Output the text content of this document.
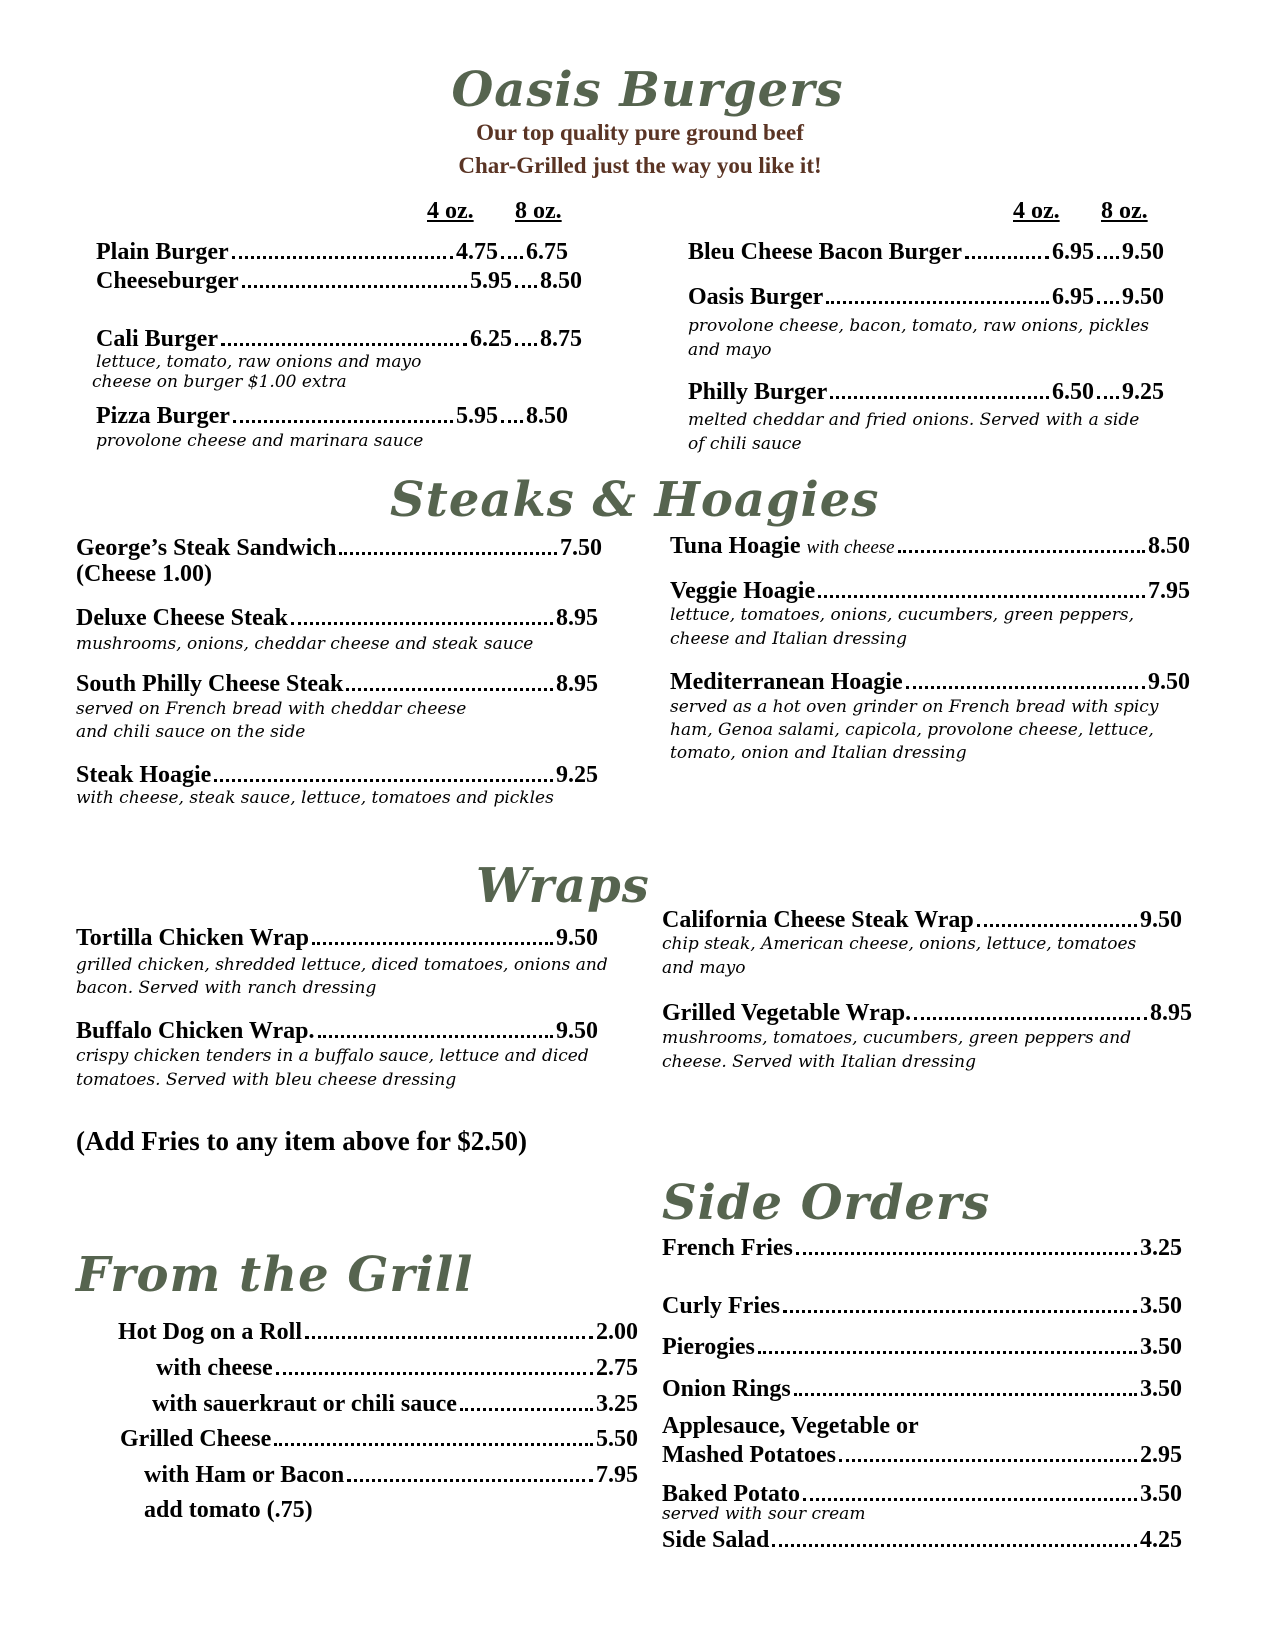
Oasis Burgers
Our top quality pure ground beef
Char-Grilled just the way you like it!
4 oz. 8 oz.	4 oz. 8 oz.
Plain Burger	4.75 6.75
Cheeseburger	5.95 8.50
Cali Burger	6.25 8.75
lettuce, tomato, raw onions and mayo
cheese on burger $1.00 extra
Pizza Burger	5.95 8.50
provolone cheese and marinara sauce
Bleu Cheese Bacon Burger	6.95 9.50
Oasis Burger	6.95 9.50
provolone cheese, bacon, tomato, raw onions, pickles
and mayo
Philly Burger	6.50 9.25
melted cheddar and fried onions. Served with a side
of chili sauce
Steaks & Hoagies
George’s Steak Sandwich	7.50
(Cheese 1.00)
Deluxe Cheese Steak	8.95
mushrooms, onions, cheddar cheese and steak sauce
South Philly Cheese Steak	8.95
served on French bread with cheddar cheese
and chili sauce on the side
Steak Hoagie	9.25
with cheese, steak sauce, lettuce, tomatoes and pickles
Tuna Hoagie with cheese	8.50
Veggie Hoagie	7.95
lettuce, tomatoes, onions, cucumbers, green peppers,
cheese and Italian dressing
Mediterranean Hoagie	9.50
served as a hot oven grinder on French bread with spicy
ham, Genoa salami, capicola, provolone cheese, lettuce,
tomato, onion and Italian dressing
Wraps
Tortilla Chicken Wrap	9.50
grilled chicken, shredded lettuce, diced tomatoes, onions and
bacon. Served with ranch dressing
Buffalo Chicken Wrap.	9.50
crispy chicken tenders in a buffalo sauce, lettuce and diced
tomatoes. Served with bleu cheese dressing
California Cheese Steak Wrap	9.50
chip steak, American cheese, onions, lettuce, tomatoes
and mayo
Grilled Vegetable Wrap.	8.95
mushrooms, tomatoes, cucumbers, green peppers and
cheese. Served with Italian dressing
(Add Fries to any item above for $2.50)
From the Grill
Hot Dog on a Roll	2.00
with cheese	2.75
with sauerkraut or chili sauce	3.25
Grilled Cheese	5.50
with Ham or Bacon	7.95
add tomato (.75)
Side Orders
French Fries	3.25
Curly Fries	3.50
Pierogies	3.50
Onion Rings	3.50
Applesauce, Vegetable or
Mashed Potatoes	2.95
Baked Potato	3.50
served with sour cream
Side Salad	4.25
